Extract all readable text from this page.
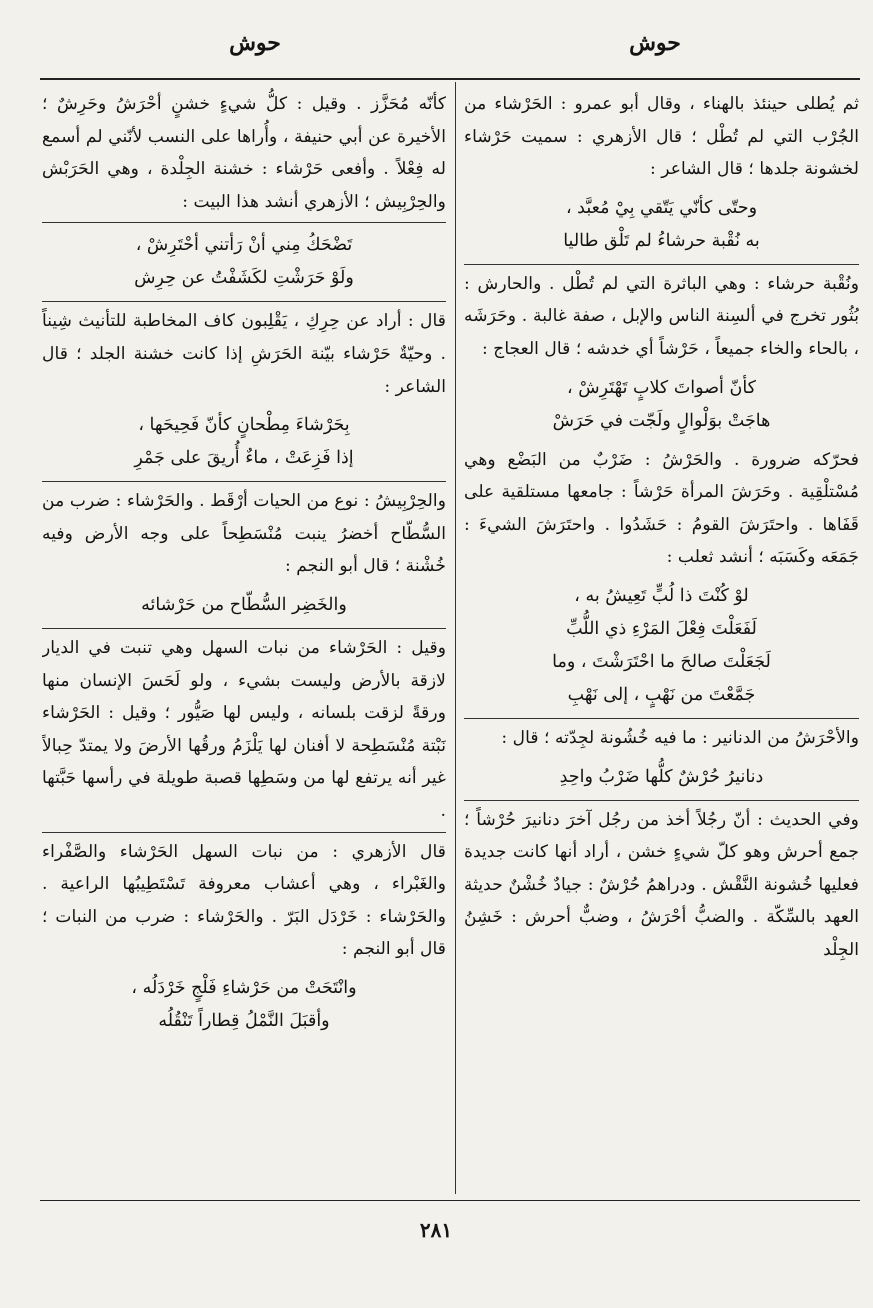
حوش
حوش

ثم يُطلى حينئذ بالهناء ، وقال أبو عمرو : الحَرْشاء من الجُرْب التي لم تُطْل ؛ قال الأزهري : سميت حَرْشاء لخشونة جلدها ؛ قال الشاعر :

وحتّى كأنّي يَتّقي بِيْ مُعبَّد ،

به نُقْبة حرشاءُ لم تَلْق طاليا

ونُقْبة حرشاء : وهي الباثرة التي لم تُطْل . والحارش : بُثُور تخرج في ألسِنة الناس والإبل ، صفة غالبة . وحَرَشَه ، بالحاء والخاء جميعاً ، حَرْشاً أي خدشه ؛ قال العجاج :

كأنّ أصواتَ كلابٍ تَهْتَرِشْ ،

هاجَتْ بوَلْوالٍ ولَجّت في حَرَشْ

فحرّكه ضرورة . والحَرْشُ : ضَرْبٌ من البَضْع وهي مُسْتلْقِية . وحَرَشَ المرأة حَرْشاً : جامعها مستلقية على قَفَاها . واحتَرَشَ القومُ : حَشَدُوا . واحتَرَشَ الشيءَ : جَمَعَه وكَسَبَه ؛ أنشد ثعلب :

لوْ كُنْتَ ذا لُبٍّ تَعِيشُ به ،

لَفَعَلْتَ فِعْلَ المَرْءِ ذي اللُّبِّ

لَجَعَلْتَ صالحَ ما احْتَرَشْتَ ، وما

جَمَّعْتَ من نَهْبٍ ، إلى نَهْبِ

والأحْرَشُ من الدنانير : ما فيه خُشُونة لجِدّته ؛ قال :

دنانيرُ حُرْشٌ كلُّها ضَرْبُ واحِدِ

وفي الحديث : أنّ رجُلاً أخذ من رجُل آخرَ دنانيرَ حُرْشاً ؛ جمع أحرش وهو كلّ شيءٍ خشن ، أراد أنها كانت جديدة فعليها خُشونة النَّقْش . ودراهمُ حُرْشٌ : جيادٌ خُشْنٌ حديثة العهد بالسِّكّة . والضبُّ أحْرَشُ ، وضبٌّ أحرش : خَشِنُ الجِلْد

كأنّه مُحَزَّز . وقيل : كلُّ شيءٍ خشنٍ أحْرَشُ وحَرِشٌ ؛ الأخيرة عن أبي حنيفة ، وأُراها على النسب لأنّني لم أسمع له فِعْلاً . وأفعى حَرْشاء : خشنة الجِلْدة ، وهي الحَرَبْش والحِرْبِيش ؛ الأزهري أنشد هذا البيت :

تَضْحَكُ مِني أنْ رَأتني أحْتَرِشْ ،

ولَوْ حَرَشْتِ لكَشَفْتُ عن حِرِش

قال : أراد عن حِرِكِ ، يَقْلِبون كاف المخاطبة للتأنيث شِيناً . وحيّةٌ حَرْشاء بيّنة الحَرَشِ إذا كانت خشنة الجلد ؛ قال الشاعر :

بِحَرْشاءَ مِطْحانٍ كأنّ فَحِيحَها ،

إذا فَزِعَتْ ، ماءٌ أُريقَ على جَمْرِ

والحِرْبِيشُ : نوع من الحيات أرْقَط . والحَرْشاء : ضرب من السُّطّاح أخضرُ ينبت مُنْسَطِحاً على وجه الأرض وفيه خُشْنة ؛ قال أبو النجم :

والخَضِر السُّطّاح من حَرْشائه

وقيل : الحَرْشاء من نبات السهل وهي تنبت في الديار لازقة بالأرض وليست بشيء ، ولو لَحَسَ الإنسان منها ورقةً لزقت بلسانه ، وليس لها صَيُّور ؛ وقيل : الحَرْشاء نَبْتة مُنْسَطِحة لا أفنان لها يَلْزَمُ ورقُها الأرضَ ولا يمتدّ حِبالاً غير أنه يرتفع لها من وسَطِها قصبة طويلة في رأسها حَبَّتها .

قال الأزهري : من نبات السهل الحَرْشاء والصَّفْراء والغَبْراء ، وهي أعشاب معروفة تَسْتَطِيبُها الراعية . والحَرْشاء : خَرْدَل البَرّ . والحَرْشاء : ضرب من النبات ؛ قال أبو النجم :

وانْتَحَتْ من حَرْشاءِ فَلْجٍ خَرْدَلُه ،

وأقبَلَ النَّمْلُ قِطاراً تَنْقُلُه

٢٨١
